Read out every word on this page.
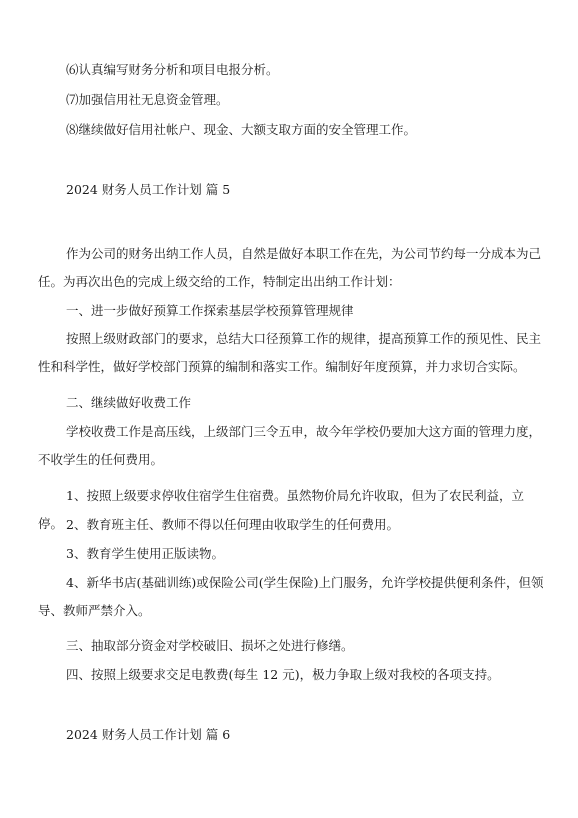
⑹认真编写财务分析和项目电报分析。

⑺加强信用社无息资金管理。

⑻继续做好信用社帐户、现金、大额支取方面的安全管理工作。

2024 财务人员工作计划 篇 5

作为公司的财务出纳工作人员，自然是做好本职工作在先，为公司节约每一分成本为己任。为再次出色的完成上级交给的工作，特制定出出纳工作计划：

一、进一步做好预算工作探索基层学校预算管理规律

按照上级财政部门的要求，总结大口径预算工作的规律，提高预算工作的预见性、民主性和科学性，做好学校部门预算的编制和落实工作。编制好年度预算，并力求切合实际。

二、继续做好收费工作

学校收费工作是高压线，上级部门三令五申，故今年学校仍要加大这方面的管理力度，不收学生的任何费用。

1、按照上级要求停收住宿学生住宿费。虽然物价局允许收取，但为了农民利益，立停。 2、教育班主任、教师不得以任何理由收取学生的任何费用。

3、教育学生使用正版读物。

4、新华书店(基础训练)或保险公司(学生保险)上门服务，允许学校提供便利条件，但领导、教师严禁介入。

三、抽取部分资金对学校破旧、损坏之处进行修缮。

四、按照上级要求交足电教费(每生 12 元)，极力争取上级对我校的各项支持。

2024 财务人员工作计划 篇 6
